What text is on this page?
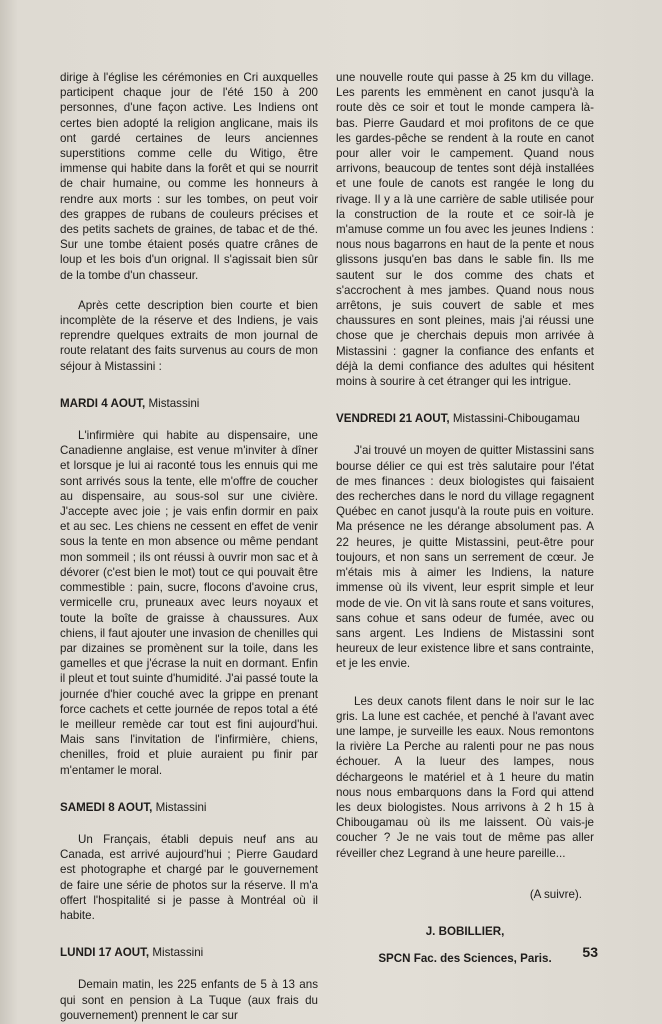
dirige à l'église les cérémonies en Cri auxquelles participent chaque jour de l'été 150 à 200 personnes, d'une façon active. Les Indiens ont certes bien adopté la religion anglicane, mais ils ont gardé certaines de leurs anciennes superstitions comme celle du Witigo, être immense qui habite dans la forêt et qui se nourrit de chair humaine, ou comme les honneurs à rendre aux morts : sur les tombes, on peut voir des grappes de rubans de couleurs précises et des petits sachets de graines, de tabac et de thé. Sur une tombe étaient posés quatre crânes de loup et les bois d'un orignal. Il s'agissait bien sûr de la tombe d'un chasseur.

Après cette description bien courte et bien incomplète de la réserve et des Indiens, je vais reprendre quelques extraits de mon journal de route relatant des faits survenus au cours de mon séjour à Mistassini :

MARDI 4 AOUT, Mistassini

L'infirmière qui habite au dispensaire, une Canadienne anglaise, est venue m'inviter à dîner et lorsque je lui ai raconté tous les ennuis qui me sont arrivés sous la tente, elle m'offre de coucher au dispensaire, au sous-sol sur une civière. J'accepte avec joie ; je vais enfin dormir en paix et au sec. Les chiens ne cessent en effet de venir sous la tente en mon absence ou même pendant mon sommeil ; ils ont réussi à ouvrir mon sac et à dévorer (c'est bien le mot) tout ce qui pouvait être commestible : pain, sucre, flocons d'avoine crus, vermicelle cru, pruneaux avec leurs noyaux et toute la boîte de graisse à chaussures. Aux chiens, il faut ajouter une invasion de chenilles qui par dizaines se promènent sur la toile, dans les gamelles et que j'écrase la nuit en dormant. Enfin il pleut et tout suinte d'humidité. J'ai passé toute la journée d'hier couché avec la grippe en prenant force cachets et cette journée de repos total a été le meilleur remède car tout est fini aujourd'hui. Mais sans l'invitation de l'infirmière, chiens, chenilles, froid et pluie auraient pu finir par m'entamer le moral.

SAMEDI 8 AOUT, Mistassini

Un Français, établi depuis neuf ans au Canada, est arrivé aujourd'hui ; Pierre Gaudard est photographe et chargé par le gouvernement de faire une série de photos sur la réserve. Il m'a offert l'hospitalité si je passe à Montréal où il habite.

LUNDI 17 AOUT, Mistassini

Demain matin, les 225 enfants de 5 à 13 ans qui sont en pension à La Tuque (aux frais du gouvernement) prennent le car sur

une nouvelle route qui passe à 25 km du village. Les parents les emmènent en canot jusqu'à la route dès ce soir et tout le monde campera là-bas. Pierre Gaudard et moi profitons de ce que les gardes-pêche se rendent à la route en canot pour aller voir le campement. Quand nous arrivons, beaucoup de tentes sont déjà installées et une foule de canots est rangée le long du rivage. Il y a là une carrière de sable utilisée pour la construction de la route et ce soir-là je m'amuse comme un fou avec les jeunes Indiens : nous nous bagarrons en haut de la pente et nous glissons jusqu'en bas dans le sable fin. Ils me sautent sur le dos comme des chats et s'accrochent à mes jambes. Quand nous nous arrêtons, je suis couvert de sable et mes chaussures en sont pleines, mais j'ai réussi une chose que je cherchais depuis mon arrivée à Mistassini : gagner la confiance des enfants et déjà la demi confiance des adultes qui hésitent moins à sourire à cet étranger qui les intrigue.

VENDREDI 21 AOUT, Mistassini-Chibougamau

J'ai trouvé un moyen de quitter Mistassini sans bourse délier ce qui est très salutaire pour l'état de mes finances : deux biologistes qui faisaient des recherches dans le nord du village regagnent Québec en canot jusqu'à la route puis en voiture. Ma présence ne les dérange absolument pas. A 22 heures, je quitte Mistassini, peut-être pour toujours, et non sans un serrement de cœur. Je m'étais mis à aimer les Indiens, la nature immense où ils vivent, leur esprit simple et leur mode de vie. On vit là sans route et sans voitures, sans cohue et sans odeur de fumée, avec ou sans argent. Les Indiens de Mistassini sont heureux de leur existence libre et sans contrainte, et je les envie.

Les deux canots filent dans le noir sur le lac gris. La lune est cachée, et penché à l'avant avec une lampe, je surveille les eaux. Nous remontons la rivière La Perche au ralenti pour ne pas nous échouer. A la lueur des lampes, nous déchargeons le matériel et à 1 heure du matin nous nous embarquons dans la Ford qui attend les deux biologistes. Nous arrivons à 2 h 15 à Chibougamau où ils me laissent. Où vais-je coucher ? Je ne vais tout de même pas aller réveiller chez Legrand à une heure pareille...

(A suivre).

J. BOBILLIER,

SPCN Fac. des Sciences, Paris.	53
